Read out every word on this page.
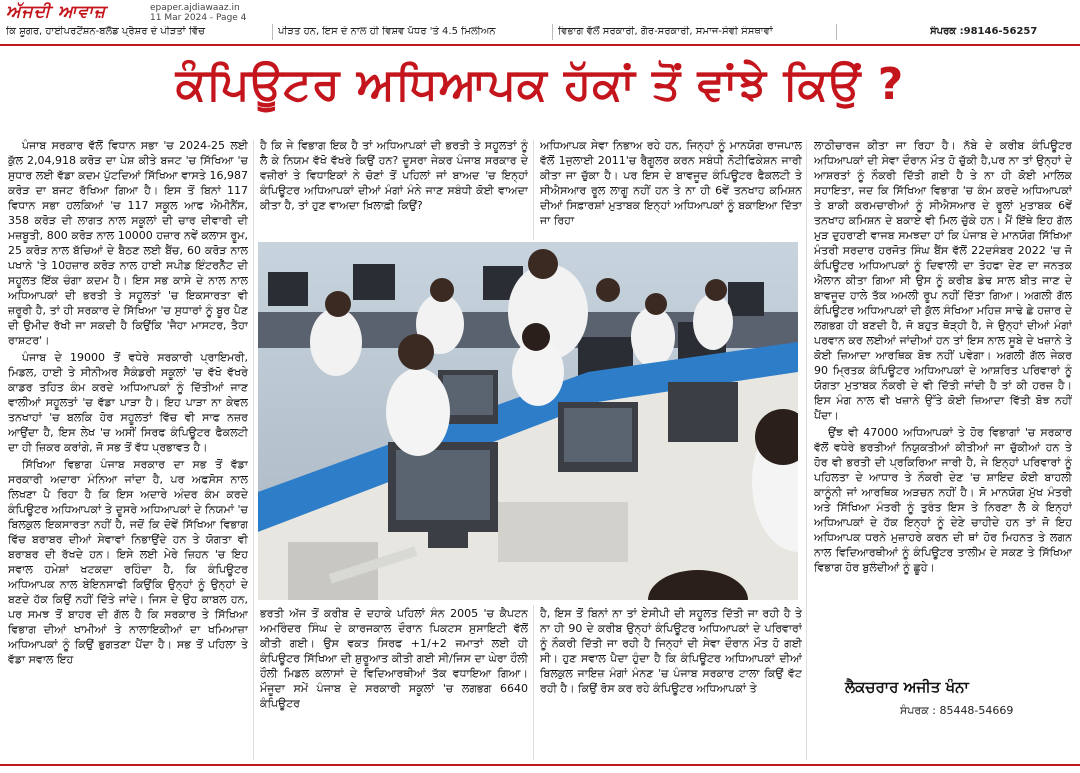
ਅੱਜਦੀ ਆਵਾਜ਼	epaper.ajdiawaaz.in
11 Mar 2024 - Page 4
ਕਿ ਸ਼ੂਗਰ, ਹਾਈਪਰਟੈਂਸ਼ਨ-ਬਲੱਡ ਪ੍ਰੈਸ਼ਰ ਦੇ ਪੀੜਤਾਂ ਵਿੱਚ	ਪੀੜਤ ਹਨ, ਇਸ ਦੇ ਨਾਲ ਹੀ ਵਿਸ਼ਵ ਪੱਧਰ 'ਤੇ 4.5 ਮਿਲੀਅਨ	ਵਿਭਾਗ ਵੱਲੋਂ ਸਰਕਾਰੀ, ਗੈਰ-ਸਰਕਾਰੀ, ਸਮਾਜ-ਸੇਵੀ ਸੰਸਥਾਵਾਂ	ਸੰਪਰਕ :98146-56257
ਕੰਪਿਊਟਰ ਅਧਿਆਪਕ ਹੱਕਾਂ ਤੋਂ ਵਾਂਝੇ ਕਿਉਂ ?

ਪੰਜਾਬ ਸਰਕਾਰ ਵੱਲੋਂ ਵਿਧਾਨ ਸਭਾ 'ਚ 2024-25 ਲਈ ਕੁੱਲ 2,04,918 ਕਰੋੜ ਦਾ ਪੇਸ਼ ਕੀਤੇ ਬਜਟ 'ਚ ਸਿੱਖਿਆ 'ਚ ਸੁਧਾਰ ਲਈ ਵੱਡਾ ਕਦਮ ਪੁੱਟਦਿਆਂ ਸਿੱਖਿਆ ਵਾਸਤੇ 16,987 ਕਰੋੜ ਦਾ ਬਜਟ ਰੱਖਿਆ ਗਿਆ ਹੈ। ਇਸ ਤੋਂ ਬਿਨਾਂ 117 ਵਿਧਾਨ ਸਭਾ ਹਲਕਿਆਂ 'ਚ 117 ਸਕੂਲ ਆਫ ਐਮੀਨੈਂਸ, 358 ਕਰੋੜ ਦੀ ਲਾਗਤ ਨਾਲ ਸਕੂਲਾਂ ਦੀ ਚਾਰ ਦੀਵਾਰੀ ਦੀ ਮਜ਼ਬੂਤੀ, 800 ਕਰੋੜ ਨਾਲ 10000 ਹਜ਼ਾਰ ਨਵੇਂ ਕਲਾਸ ਰੂਮ, 25 ਕਰੋੜ ਨਾਲ ਬੱਚਿਆਂ ਦੇ ਬੈਠਣ ਲਈ ਬੈਂਚ, 60 ਕਰੋੜ ਨਾਲ ਪਖਾਨੇ 'ਤੇ 10ਹਜ਼ਾਰ ਕਰੋੜ ਨਾਲ ਹਾਈ ਸਪੀਡ ਇੰਟਰਨੈੱਟ ਦੀ ਸਹੂਲਤ ਇੱਕ ਚੰਗਾ ਕਦਮ ਹੈ। ਇਸ ਸਭ ਕਾਸੇ ਦੇ ਨਾਲ ਨਾਲ ਅਧਿਆਪਕਾਂ ਦੀ ਭਰਤੀ ਤੇ ਸਹੂਲਤਾਂ 'ਚ ਇਕਸਾਰਤਾ ਵੀ ਜ਼ਰੂਰੀ ਹੈ, ਤਾਂ ਹੀ ਸਰਕਾਰ ਦੇ ਸਿੱਖਿਆ 'ਚ ਸੁਧਾਰਾਂ ਨੂੰ ਬੂਰ ਪੈਣ ਦੀ ਉਮੀਦ ਰੱਖੀ ਜਾ ਸਕਦੀ ਹੈ ਕਿਉਂਕਿ 'ਜੈਹਾ ਮਾਸਟਰ, ਤੈਹਾ ਰਾਸ਼ਟਰ'।

ਪੰਜਾਬ ਦੇ 19000 ਤੋਂ ਵਧੇਰੇ ਸਰਕਾਰੀ ਪ੍ਰਾਇਮਰੀ, ਮਿਡਲ, ਹਾਈ ਤੇ ਸੀਨੀਅਰ ਸੈਕੰਡਰੀ ਸਕੂਲਾਂ 'ਚ ਵੱਖੋ ਵੱਖਰੇ ਕਾਡਰ ਤਹਿਤ ਕੰਮ ਕਰਦੇ ਅਧਿਆਪਕਾਂ ਨੂੰ ਦਿੱਤੀਆਂ ਜਾਣ ਵਾਲੀਆਂ ਸਹੂਲਤਾਂ 'ਚ ਵੱਡਾ ਪਾੜਾ ਹੈ। ਇਹ ਪਾੜਾ ਨਾ ਕੇਵਲ ਤਨਖਾਹਾਂ 'ਚ ਬਲਕਿ ਹੋਰ ਸਹੂਲਤਾਂ ਵਿੱਚ ਵੀ ਸਾਫ ਨਜ਼ਰ ਆਉਂਦਾ ਹੈ, ਇਸ ਲੇਖ 'ਚ ਅਸੀਂ ਸਿਰਫ ਕੰਪਿਊਟਰ ਫੈਕਲਟੀ ਦਾ ਹੀ ਜ਼ਿਕਰ ਕਰਾਂਗੇ, ਜੋ ਸਭ ਤੋਂ ਵੱਧ ਪ੍ਰਭਾਵਤ ਹੈ।

ਸਿੱਖਿਆ ਵਿਭਾਗ ਪੰਜਾਬ ਸਰਕਾਰ ਦਾ ਸਭ ਤੋਂ ਵੱਡਾ ਸਰਕਾਰੀ ਅਦਾਰਾ ਮੰਨਿਆ ਜਾਂਦਾ ਹੈ, ਪਰ ਅਫਸੋਸ ਨਾਲ ਲਿਖਣਾ ਪੈ ਰਿਹਾ ਹੈ ਕਿ ਇਸ ਅਦਾਰੇ ਅੰਦਰ ਕੰਮ ਕਰਦੇ ਕੰਪਿਊਟਰ ਅਧਿਆਪਕਾਂ ਤੇ ਦੂਸਰੇ ਅਧਿਆਪਕਾਂ ਦੇ ਨਿਯਮਾਂ 'ਚ ਬਿਲਕੁਲ ਇਕਸਾਰਤਾ ਨਹੀਂ ਹੈ, ਜਦੋਂ ਕਿ ਦੋਵੇਂ ਸਿੱਖਿਆ ਵਿਭਾਗ ਵਿੱਚ ਬਰਾਬਰ ਦੀਆਂ ਸੇਵਾਵਾਂ ਨਿਭਾਉਂਦੇ ਹਨ ਤੇ ਯੋਗਤਾ ਵੀ ਬਰਾਬਰ ਦੀ ਰੱਖਦੇ ਹਨ। ਇਸੇ ਲਈ ਮੇਰੇ ਜ਼ਿਹਨ 'ਚ ਇਹ ਸਵਾਲ ਹਮੇਸ਼ਾਂ ਖਟਕਦਾ ਰਹਿੰਦਾ ਹੈ, ਕਿ ਕੰਪਿਊਟਰ ਅਧਿਆਪਕ ਨਾਲ ਬੇਇਨਸਾਫੀ ਕਿਉਂਕਿ ਉਨ੍ਹਾਂ ਨੂੰ ਉਨ੍ਹਾਂ ਦੇ ਬਣਦੇ ਹੱਕ ਕਿਉਂ ਨਹੀਂ ਦਿੱਤੇ ਜਾਂਦੇ। ਜਿਸ ਦੇ ਉਹ ਕਾਬਲ ਹਨ, ਪਰ ਸਮਝ ਤੋਂ ਬਾਹਰ ਦੀ ਗੱਲ ਹੈ ਕਿ ਸਰਕਾਰ ਤੇ ਸਿੱਖਿਆ ਵਿਭਾਗ ਦੀਆਂ ਖਾਮੀਆਂ ਤੇ ਨਾਲਾਇਕੀਆਂ ਦਾ ਖਮਿਆਜ਼ਾ ਅਧਿਆਪਕਾਂ ਨੂੰ ਕਿਉਂ ਭੁਗਤਣਾ ਪੈਂਦਾ ਹੈ। ਸਭ ਤੋਂ ਪਹਿਲਾ ਤੇ ਵੱਡਾ ਸਵਾਲ ਇਹ

ਹੈ ਕਿ ਜੇ ਵਿਭਾਗ ਇਕ ਹੈ ਤਾਂ ਅਧਿਆਪਕਾਂ ਦੀ ਭਰਤੀ ਤੇ ਸਹੂਲਤਾਂ ਨੂੰ ਲੈ ਕੇ ਨਿਯਮ ਵੱਖੋ ਵੱਖਰੇ ਕਿਉਂ ਹਨ? ਦੂਸਰਾ ਜੇਕਰ ਪੰਜਾਬ ਸਰਕਾਰ ਦੇ ਵਜ਼ੀਰਾਂ ਤੇ ਵਿਧਾਇਕਾਂ ਨੇ ਚੋਣਾਂ ਤੋਂ ਪਹਿਲਾਂ ਜਾਂ ਬਾਅਦ 'ਚ ਇਨ੍ਹਾਂ ਕੰਪਿਊਟਰ ਅਧਿਆਪਕਾਂ ਦੀਆਂ ਮੰਗਾਂ ਮੰਨੇ ਜਾਣ ਸਬੰਧੀ ਕੋਈ ਵਾਅਦਾ ਕੀਤਾ ਹੈ, ਤਾਂ ਹੁਣ ਵਾਅਦਾ ਖ਼ਿਲਾਫ਼ੀ ਕਿਉਂ?

ਅਧਿਆਪਕ ਸੇਵਾ ਨਿਭਾਅ ਰਹੇ ਹਨ, ਜਿਨ੍ਹਾਂ ਨੂੰ ਮਾਨਯੋਗ ਰਾਜਪਾਲ ਵੱਲੋਂ 1ਜੁਲਾਈ 2011'ਚ ਰੈਗੂਲਰ ਕਰਨ ਸਬੰਧੀ ਨੋਟੀਫਿਕੇਸ਼ਨ ਜਾਰੀ ਕੀਤਾ ਜਾ ਚੁੱਕਾ ਹੈ। ਪਰ ਇਸ ਦੇ ਬਾਵਜੂਦ ਕੰਪਿਊਟਰ ਫੈਕਲਟੀ ਤੇ ਸੀਐਸਆਰ ਰੂਲ ਲਾਗੂ ਨਹੀਂ ਹਨ ਤੇ ਨਾ ਹੀ 6ਵੇਂ ਤਨਖਾਹ ਕਮਿਸ਼ਨ ਦੀਆਂ ਸਿਫ਼ਾਰਸ਼ਾਂ ਮੁਤਾਬਕ ਇਨ੍ਹਾਂ ਅਧਿਆਪਕਾਂ ਨੂੰ ਬਕਾਇਆ ਦਿੱਤਾ ਜਾ ਰਿਹਾ

ਲਾਠੀਚਾਰਜ ਕੀਤਾ ਜਾ ਰਿਹਾ ਹੈ। ਨੱਬੇ ਦੇ ਕਰੀਬ ਕੰਪਿਊਟਰ ਅਧਿਆਪਕਾਂ ਦੀ ਸੇਵਾ ਦੌਰਾਨ ਮੌਤ ਹੋ ਚੁੱਕੀ ਹੈ,ਪਰ ਨਾ ਤਾਂ ਉਨ੍ਹਾਂ ਦੇ ਆਸ਼ਰਤਾਂ ਨੂੰ ਨੌਕਰੀ ਦਿੱਤੀ ਗਈ ਹੈ ਤੇ ਨਾ ਹੀ ਕੋਈ ਮਾਲਿਕ ਸਹਾਇਤਾ, ਜਦ ਕਿ ਸਿੱਖਿਆ ਵਿਭਾਗ 'ਚ ਕੰਮ ਕਰਦੇ ਅਧਿਆਪਕਾਂ ਤੇ ਬਾਕੀ ਕਰਮਚਾਰੀਆਂ ਨੂੰ ਸੀਐਸਆਰ ਦੇ ਰੂਲਾਂ ਮੁਤਾਬਕ 6ਵੇਂ ਤਨਖਾਹ ਕਮਿਸ਼ਨ ਦੇ ਬਕਾਏ ਵੀ ਮਿਲ ਚੁੱਕੇ ਹਨ। ਮੈਂ ਇੱਥੇ ਇਹ ਗੱਲ ਮੁੜ ਦੁਹਰਾਣੀ ਵਾਜਬ ਸਮਝਦਾ ਹਾਂ ਕਿ ਪੰਜਾਬ ਦੇ ਮਾਨਯੋਗ ਸਿੱਖਿਆ ਮੰਤਰੀ ਸਰਦਾਰ ਹਰਜੋਤ ਸਿੰਘ ਬੈਂਸ ਵੱਲੋਂ 22ਦਸੰਬਰ 2022 'ਚ ਜੋ ਕੰਪਿਊਟਰ ਅਧਿਆਪਕਾਂ ਨੂੰ ਦਿਵਾਲੀ ਦਾ ਤੋਹਫਾ ਦੇਣ ਦਾ ਜਨਤਕ ਐਲਾਨ ਕੀਤਾ ਗਿਆ ਸੀ ਉਸ ਨੂੰ ਕਰੀਬ ਡੇਢ ਸਾਲ ਬੀਤ ਜਾਣ ਦੇ ਬਾਵਜੂਦ ਹਾਲੇ ਤੱਕ ਅਮਲੀ ਰੂਪ ਨਹੀਂ ਦਿੱਤਾ ਗਿਆ। ਅਗਲੀ ਗੱਲ ਕੰਪਿਊਟਰ ਅਧਿਆਪਕਾਂ ਦੀ ਕੁੱਲ ਸੰਖਿਆ ਮਹਿਜ਼ ਸਾਢੇ ਛੇ ਹਜ਼ਾਰ ਦੇ ਲਗਭਗ ਹੀ ਬਣਦੀ ਹੈ, ਜੋ ਬਹੁਤ ਥੋੜ੍ਹੀ ਹੈ, ਜੇ ਉਨ੍ਹਾਂ ਦੀਆਂ ਮੰਗਾਂ ਪਰਵਾਨ ਕਰ ਲਈਆਂ ਜਾਂਦੀਆਂ ਹਨ ਤਾਂ ਇਸ ਨਾਲ ਸੂਬੇ ਦੇ ਖਜ਼ਾਨੇ ਤੇ ਕੋਈ ਜ਼ਿਆਦਾ ਆਰਥਿਕ ਬੋਝ ਨਹੀਂ ਪਵੇਗਾ। ਅਗਲੀ ਗੱਲ ਜੇਕਰ 90 ਮ੍ਰਿਤਕ ਕੰਪਿਊਟਰ ਅਧਿਆਪਕਾਂ ਦੇ ਆਸ਼ਰਿਤ ਪਰਿਵਾਰਾਂ ਨੂੰ ਯੋਗਤਾ ਮੁਤਾਬਕ ਨੌਕਰੀ ਦੇ ਵੀ ਦਿੱਤੀ ਜਾਂਦੀ ਹੈ ਤਾਂ ਕੀ ਹਰਜ਼ ਹੈ। ਇਸ ਮੰਗ ਨਾਲ ਵੀ ਖਜ਼ਾਨੇ ਉੱਤੇ ਕੋਈ ਜ਼ਿਆਦਾ ਵਿੱਤੀ ਬੋਝ ਨਹੀਂ ਪੈਂਦਾ।

ਉਂਝ ਵੀ 47000 ਅਧਿਆਪਕਾਂ ਤੇ ਹੋਰ ਵਿਭਾਗਾਂ 'ਚ ਸਰਕਾਰ ਵੱਲੋਂ ਵਧੇਰੇ ਭਰਤੀਆਂ ਨਿਯੁਕਤੀਆਂ ਕੀਤੀਆਂ ਜਾ ਚੁੱਕੀਆਂ ਹਨ ਤੇ ਹੋਰ ਵੀ ਭਰਤੀ ਦੀ ਪ੍ਰਕਿਰਿਆ ਜਾਰੀ ਹੈ, ਜੇ ਇਨ੍ਹਾਂ ਪਰਿਵਾਰਾਂ ਨੂੰ ਪਹਿਲਤਾ ਦੇ ਆਧਾਰ ਤੇ ਨੌਕਰੀ ਦੇਣ 'ਚ ਸ਼ਾਇਦ ਕੋਈ ਬਾਹਲੀ ਕਾਨੂੰਨੀ ਜਾਂ ਆਰਥਿਕ ਅੜਚਨ ਨਹੀਂ ਹੈ। ਸੋ ਮਾਨਯੋਗ ਮੁੱਖ ਮੰਤਰੀ ਅਤੇ ਸਿੱਖਿਆ ਮੰਤਰੀ ਨੂੰ ਤੁਰੰਤ ਇਸ ਤੇ ਨਿਰਣਾ ਲੈ ਕੇ ਇਨ੍ਹਾਂ ਅਧਿਆਪਕਾਂ ਦੇ ਹੱਕ ਇਨ੍ਹਾਂ ਨੂੰ ਦੇਣੇ ਚਾਹੀਦੇ ਹਨ ਤਾਂ ਜੋ ਇਹ ਅਧਿਆਪਕ ਧਰਨੇ ਮੁਜ਼ਾਹਰੇ ਕਰਨ ਦੀ ਥਾਂ ਹੋਰ ਮਿਹਨਤ ਤੇ ਲਗਨ ਨਾਲ ਵਿਦਿਆਰਥੀਆਂ ਨੂੰ ਕੰਪਿਊਟਰ ਤਾਲੀਮ ਦੇ ਸਕਣ ਤੇ ਸਿੱਖਿਆ ਵਿਭਾਗ ਹੋਰ ਬੁਲੰਦੀਆਂ ਨੂੰ ਛੂਹੇ।

ਭਰਤੀ ਅੱਜ ਤੋਂ ਕਰੀਬ ਦੋ ਦਹਾਕੇ ਪਹਿਲਾਂ ਸੰਨ 2005 'ਚ ਕੈਪਟਨ ਅਮਰਿੰਦਰ ਸਿੰਘ ਦੇ ਕਾਰਜਕਾਲ ਦੌਰਾਨ ਪਿਕਟਸ ਸੁਸਾਇਟੀ ਵੱਲੋਂ ਕੀਤੀ ਗਈ। ਉਸ ਵਕਤ ਸਿਰਫ +1/+2 ਜਮਾਤਾਂ ਲਈ ਹੀ ਕੰਪਿਊਟਰ ਸਿੱਖਿਆ ਦੀ ਸ਼ੁਰੂਆਤ ਕੀਤੀ ਗਈ ਸੀ/ਜਿਸ ਦਾ ਘੇਰਾ ਹੌਲੀ ਹੌਲੀ ਮਿਡਲ ਕਲਾਸਾਂ ਦੇ ਵਿਦਿਆਰਥੀਆਂ ਤੱਕ ਵਧਾਇਆ ਗਿਆ। ਮੌਜੂਦਾ ਸਮੇਂ ਪੰਜਾਬ ਦੇ ਸਰਕਾਰੀ ਸਕੂਲਾਂ 'ਚ ਲਗਭਗ 6640 ਕੰਪਿਊਟਰ

ਹੈ, ਇਸ ਤੋਂ ਬਿਨਾਂ ਨਾ ਤਾਂ ਏਸੀਪੀ ਦੀ ਸਹੂਲਤ ਦਿੱਤੀ ਜਾ ਰਹੀ ਹੈ ਤੇ ਨਾ ਹੀ 90 ਦੇ ਕਰੀਬ ਉਨ੍ਹਾਂ ਕੰਪਿਊਟਰ ਅਧਿਆਪਕਾਂ ਦੇ ਪਰਿਵਾਰਾਂ ਨੂੰ ਨੌਕਰੀ ਦਿੱਤੀ ਜਾ ਰਹੀ ਹੈ ਜਿਨ੍ਹਾਂ ਦੀ ਸੇਵਾ ਦੌਰਾਨ ਮੌਤ ਹੋ ਗਈ ਸੀ। ਹੁਣ ਸਵਾਲ ਪੈਦਾ ਹੁੰਦਾ ਹੈ ਕਿ ਕੰਪਿਊਟਰ ਅਧਿਆਪਕਾਂ ਦੀਆਂ ਬਿਲਕੁਲ ਜਾਇਜ਼ ਮੰਗਾਂ ਮੰਨਣ 'ਚ ਪੰਜਾਬ ਸਰਕਾਰ ਟਾਲਾ ਕਿਉਂ ਵੱਟ ਰਹੀ ਹੈ। ਕਿਉਂ ਰੋਸ ਕਰ ਰਹੇ ਕੰਪਿਊਟਰ ਅਧਿਆਪਕਾਂ ਤੇ	ਲੈਕਚਰਾਰ ਅਜੀਤ ਖੰਨਾ
ਸੰਪਰਕ : 85448-54669
